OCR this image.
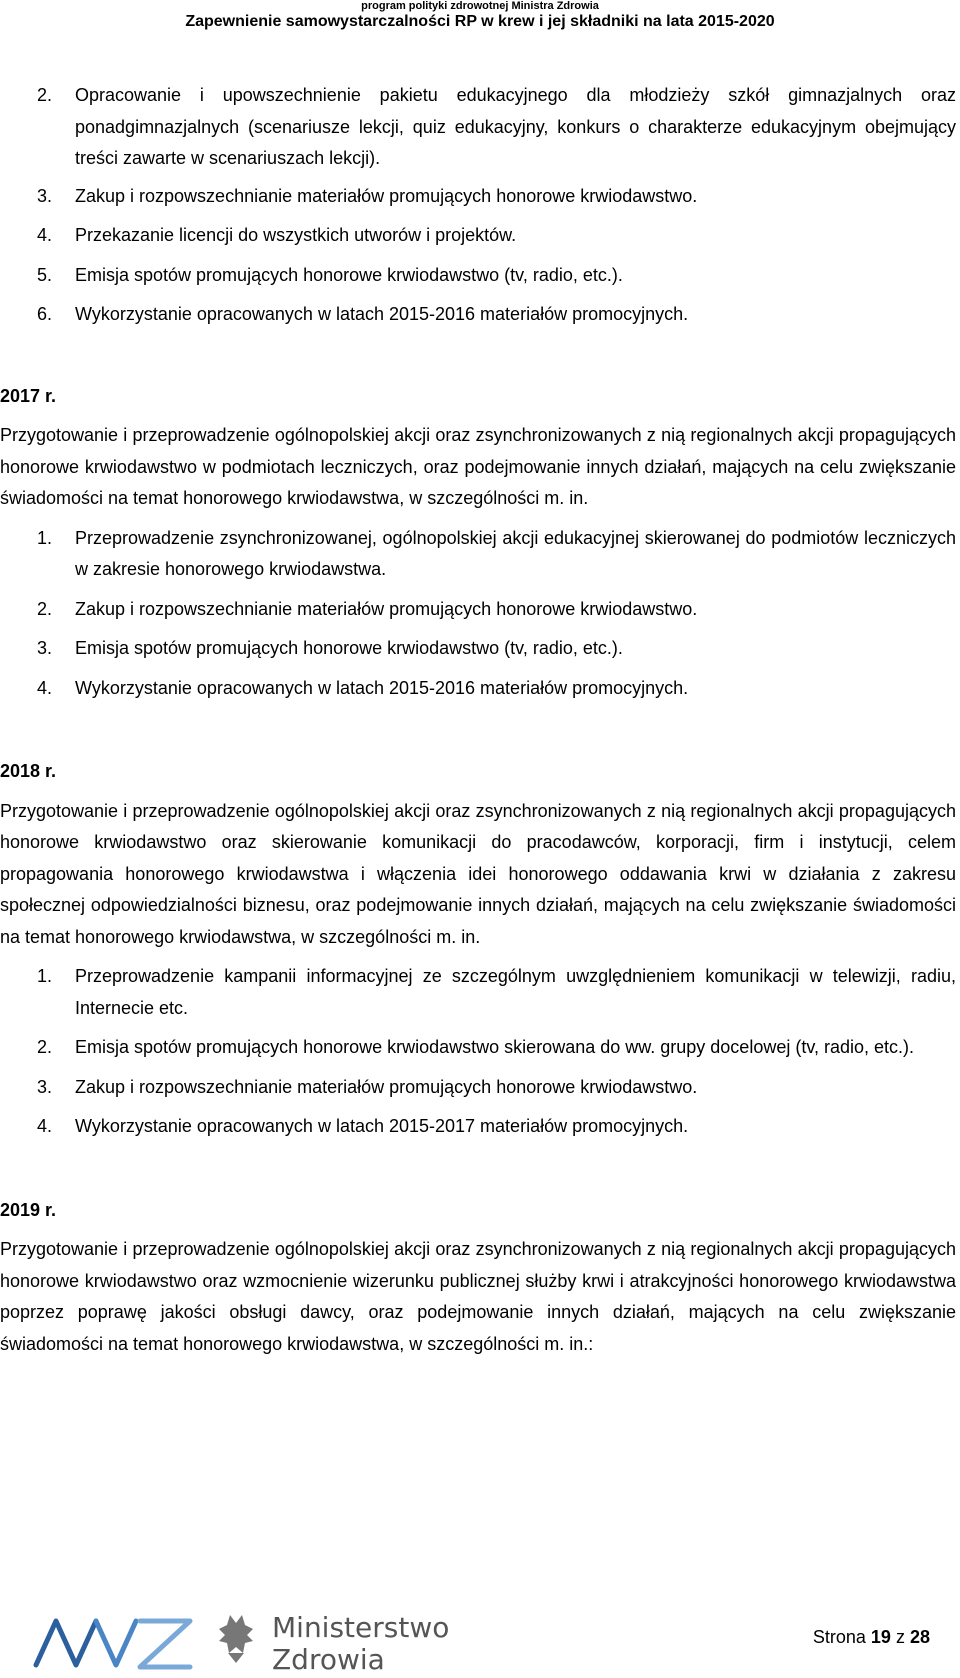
program polityki zdrowotnej Ministra Zdrowia
Zapewnienie samowystarczalności RP w krew i jej składniki na lata 2015-2020
2. Opracowanie i upowszechnienie pakietu edukacyjnego dla młodzieży szkół gimnazjalnych oraz ponadgimnazjalnych (scenariusze lekcji, quiz edukacyjny, konkurs o charakterze edukacyjnym obejmujący treści zawarte w scenariuszach lekcji).
3. Zakup i rozpowszechnianie materiałów promujących honorowe krwiodawstwo.
4. Przekazanie licencji do wszystkich utworów i projektów.
5. Emisja spotów promujących honorowe krwiodawstwo (tv, radio, etc.).
6. Wykorzystanie opracowanych w latach 2015-2016 materiałów promocyjnych.

2017 r.

Przygotowanie i przeprowadzenie ogólnopolskiej akcji oraz zsynchronizowanych z nią regionalnych akcji propagujących honorowe krwiodawstwo w podmiotach leczniczych, oraz podejmowanie innych działań, mających na celu zwiększanie świadomości na temat honorowego krwiodawstwa, w szczególności m. in.

1. Przeprowadzenie zsynchronizowanej, ogólnopolskiej akcji edukacyjnej skierowanej do podmiotów leczniczych w zakresie honorowego krwiodawstwa.
2. Zakup i rozpowszechnianie materiałów promujących honorowe krwiodawstwo.
3. Emisja spotów promujących honorowe krwiodawstwo (tv, radio, etc.).
4. Wykorzystanie opracowanych w latach 2015-2016 materiałów promocyjnych.

2018 r.

Przygotowanie i przeprowadzenie ogólnopolskiej akcji oraz zsynchronizowanych z nią regionalnych akcji propagujących honorowe krwiodawstwo oraz skierowanie komunikacji do pracodawców, korporacji, firm i instytucji, celem propagowania honorowego krwiodawstwa i włączenia idei honorowego oddawania krwi w działania z zakresu społecznej odpowiedzialności biznesu, oraz podejmowanie innych działań, mających na celu zwiększanie świadomości na temat honorowego krwiodawstwa, w szczególności m. in.

1. Przeprowadzenie kampanii informacyjnej ze szczególnym uwzględnieniem komunikacji w telewizji, radiu, Internecie etc.
2. Emisja spotów promujących honorowe krwiodawstwo skierowana do ww. grupy docelowej (tv, radio, etc.).
3. Zakup i rozpowszechnianie materiałów promujących honorowe krwiodawstwo.
4. Wykorzystanie opracowanych w latach 2015-2017 materiałów promocyjnych.

2019 r.

Przygotowanie i przeprowadzenie ogólnopolskiej akcji oraz zsynchronizowanych z nią regionalnych akcji propagujących honorowe krwiodawstwo oraz wzmocnienie wizerunku publicznej służby krwi i atrakcyjności honorowego krwiodawstwa poprzez poprawę jakości obsługi dawcy, oraz podejmowanie innych działań, mających na celu zwiększanie świadomości na temat honorowego krwiodawstwa, w szczególności m. in.:

Ministerstwo
Zdrowia
Strona 19 z 28
